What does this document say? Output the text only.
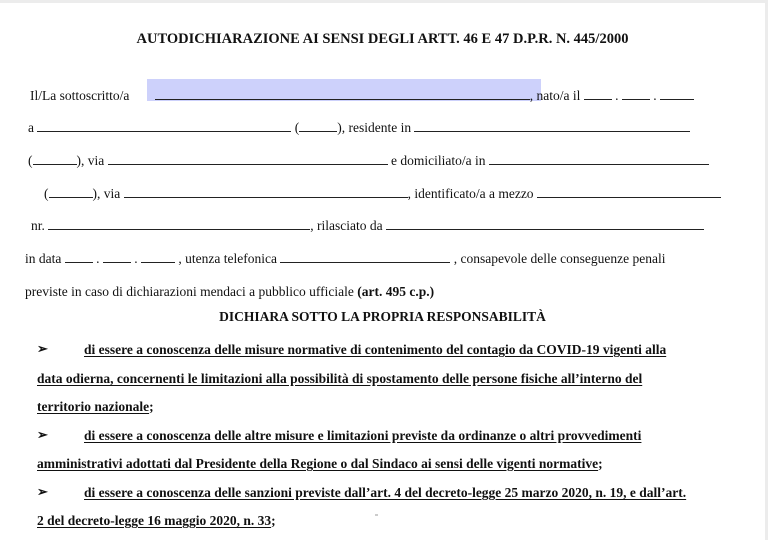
AUTODICHIARAZIONE AI SENSI DEGLI ARTT. 46 E 47 D.P.R. N. 445/2000
Il/La sottoscritto/a	, nato/a il	.	.
a	(	), residente in
(	), via	e domiciliato/a in
(	), via	, identificato/a a mezzo
nr.	, rilasciato da
in data	.	.	, utenza telefonica	, consapevole delle conseguenze penali
previste in caso di dichiarazioni mendaci a pubblico ufficiale (art. 495 c.p.)
DICHIARA SOTTO LA PROPRIA RESPONSABILITÀ
➢	di essere a conoscenza delle misure normative di contenimento del contagio da COVID-19 vigenti alla
data odierna, concernenti le limitazioni alla possibilità di spostamento delle persone fisiche all’interno del
territorio nazionale;
➢	di essere a conoscenza delle altre misure e limitazioni previste da ordinanze o altri provvedimenti
amministrativi adottati dal Presidente della Regione o dal Sindaco ai sensi delle vigenti normative;
➢	di essere a conoscenza delle sanzioni previste dall’art. 4 del decreto-legge 25 marzo 2020, n. 19, e dall’art.
2 del decreto-legge 16 maggio 2020, n. 33;
